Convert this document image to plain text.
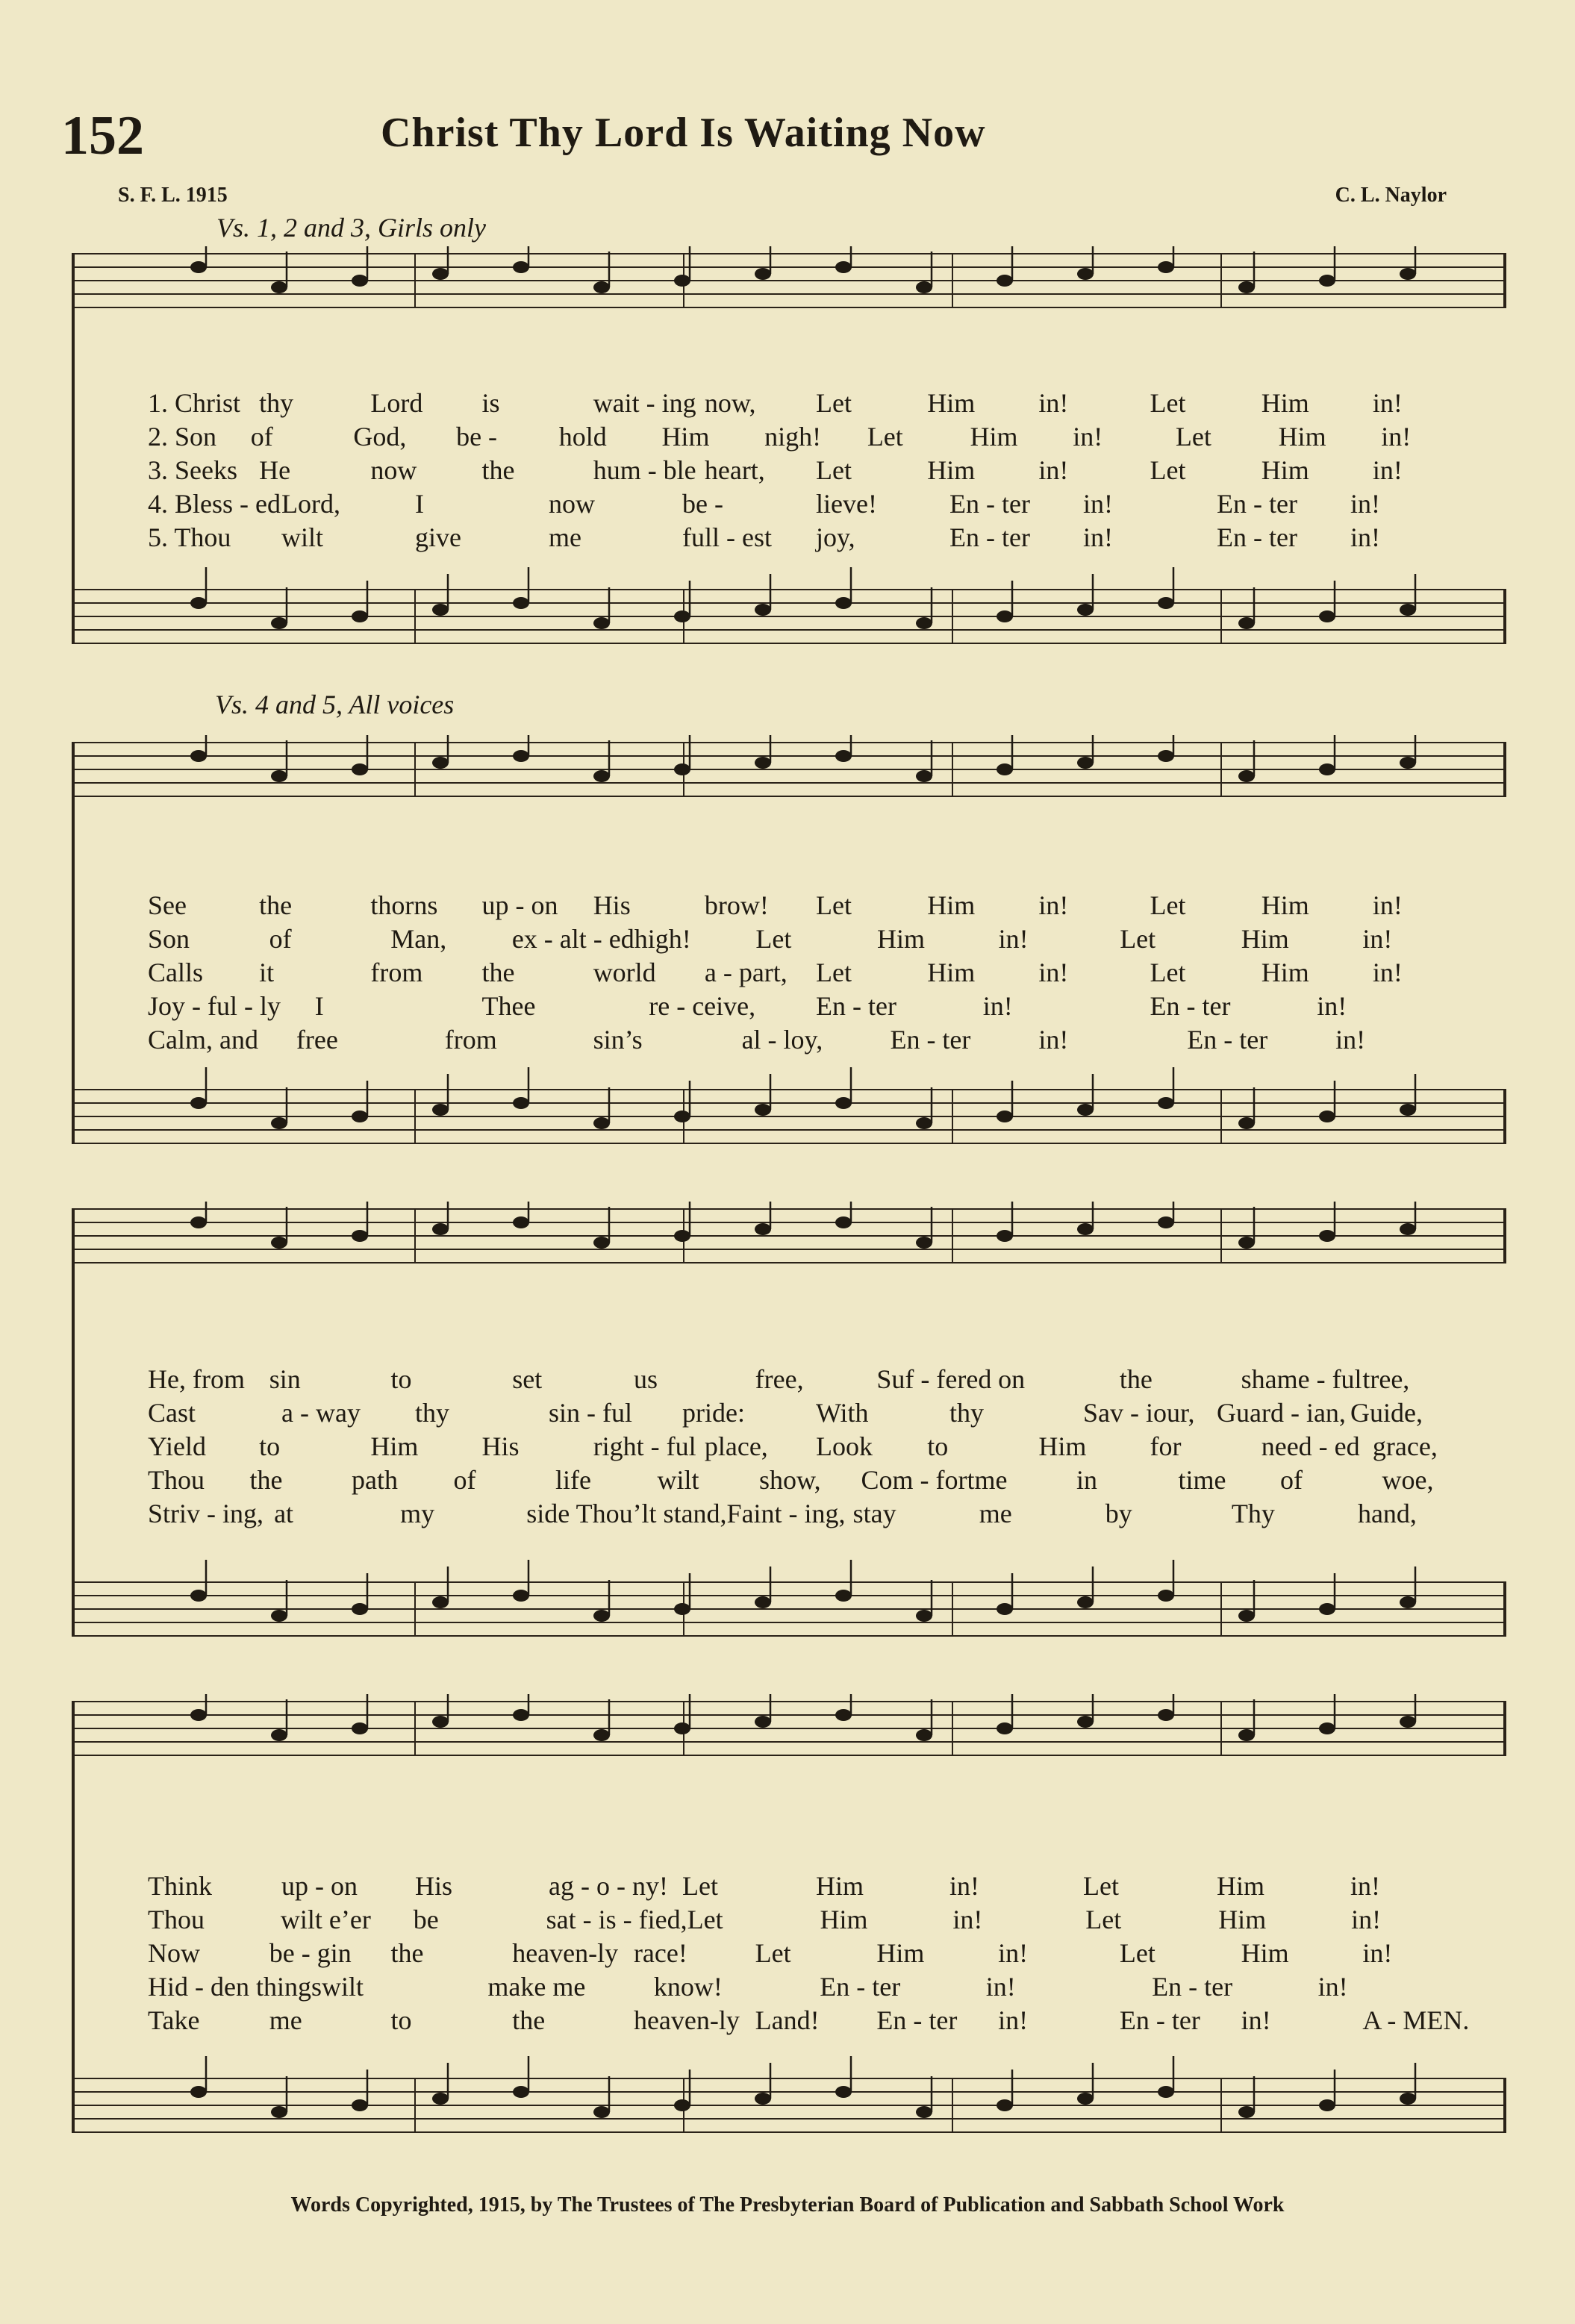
152	Christ Thy Lord Is Waiting Now
S. F. L. 1915	C. L. Naylor
Vs. 1, 2 and 3, Girls only
Vs. 4 and 5, All voices
1. Christ thy	Lord	is	wait - ing now,	Let	Him	in!	Let	Him	in!
2. Son	of	God,	be -	hold	Him	nigh!	Let	Him	in!	Let	Him	in!
3. Seeks He	now	the	hum - ble heart,	Let	Him	in!	Let	Him	in!
4. Bless - ed Lord,	I	now	be -	lieve!	En - ter	in!	En - ter	in!
5. Thou	wilt	give	me	full - est	joy,	En - ter	in!	En - ter	in!
See	the	thorns	up - on	His	brow!	Let	Him	in!	Let	Him	in!
Son	of	Man,	ex - alt - ed high!	Let	Him	in!	Let	Him	in!
Calls	it	from	the	world	a - part,	Let	Him	in!	Let	Him	in!
Joy - ful - ly	I	Thee	re - ceive,	En - ter	in!	En - ter	in!
Calm, and	free	from	sin’s	al - loy,	En - ter	in!	En - ter	in!
He, from sin	to	set	us	free,	Suf - fered on	the	shame - ful tree,
Cast	a - way	thy	sin - ful	pride:	With	thy	Sav - iour, Guard - ian, Guide,
Yield	to	Him	His	right - ful place,	Look	to	Him	for	need - ed grace,
Thou	the	path	of	life	wilt	show,	Com - fort me	in	time	of	woe,
Striv - ing, at	my	side Thou’lt stand, Faint - ing, stay	me	by	Thy	hand,
Think	up - on	His	ag - o - ny! Let	Him	in!	Let	Him	in!
Thou	wilt e’er	be	sat - is - fied, Let	Him	in!	Let	Him	in!
Now	be - gin	the	heaven-ly race!	Let	Him	in!	Let	Him	in!
Hid - den things wilt	make me	know!	En - ter	in!	En - ter	in!
Take	me	to	the	heaven-ly Land!	En - ter	in!	En - ter	in!	A - MEN.
Words Copyrighted, 1915, by The Trustees of The Presbyterian Board of Publication and Sabbath School Work
